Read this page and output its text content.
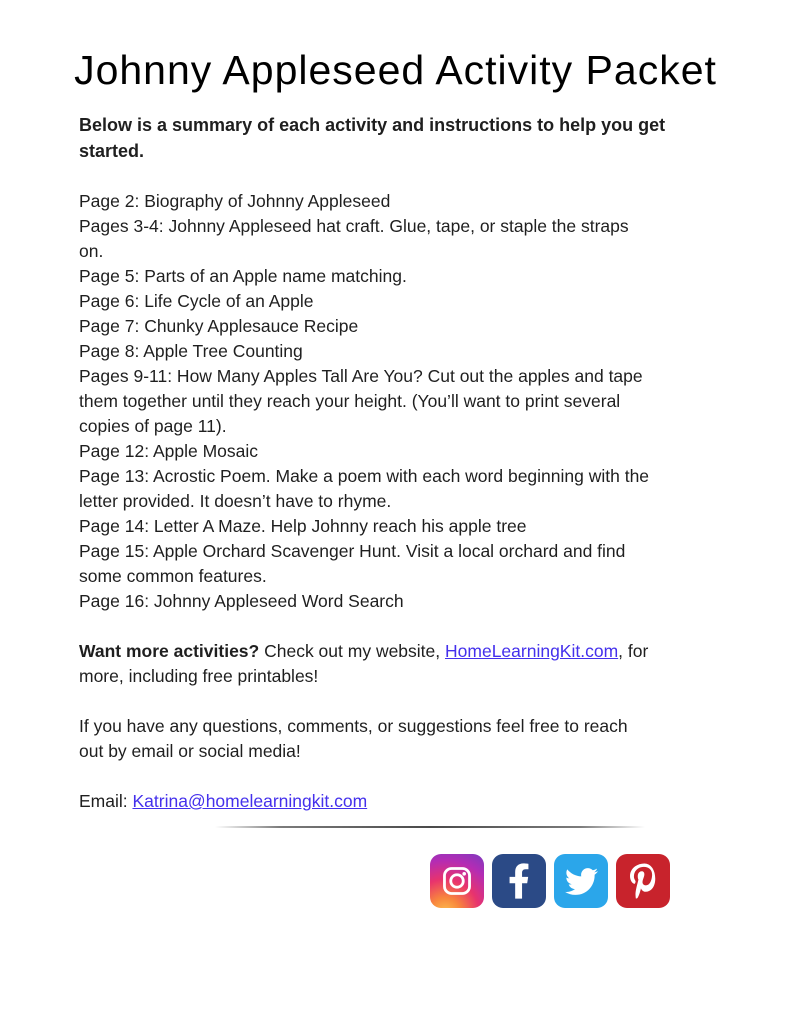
Johnny Appleseed Activity Packet
Below is a summary of each activity and instructions to help you get
started.
Page 2: Biography of Johnny Appleseed
Pages 3-4: Johnny Appleseed hat craft. Glue, tape, or staple the straps
on.
Page 5: Parts of an Apple name matching.
Page 6: Life Cycle of an Apple
Page 7: Chunky Applesauce Recipe
Page 8: Apple Tree Counting
Pages 9-11: How Many Apples Tall Are You? Cut out the apples and tape
them together until they reach your height. (You’ll want to print several
copies of page 11).
Page 12: Apple Mosaic
Page 13: Acrostic Poem. Make a poem with each word beginning with the
letter provided. It doesn’t have to rhyme.
Page 14: Letter A Maze. Help Johnny reach his apple tree
Page 15: Apple Orchard Scavenger Hunt. Visit a local orchard and find
some common features.
Page 16: Johnny Appleseed Word Search
Want more activities? Check out my website, HomeLearningKit.com, for
more, including free printables!
If you have any questions, comments, or suggestions feel free to reach
out by email or social media!
Email: Katrina@homelearningkit.com
